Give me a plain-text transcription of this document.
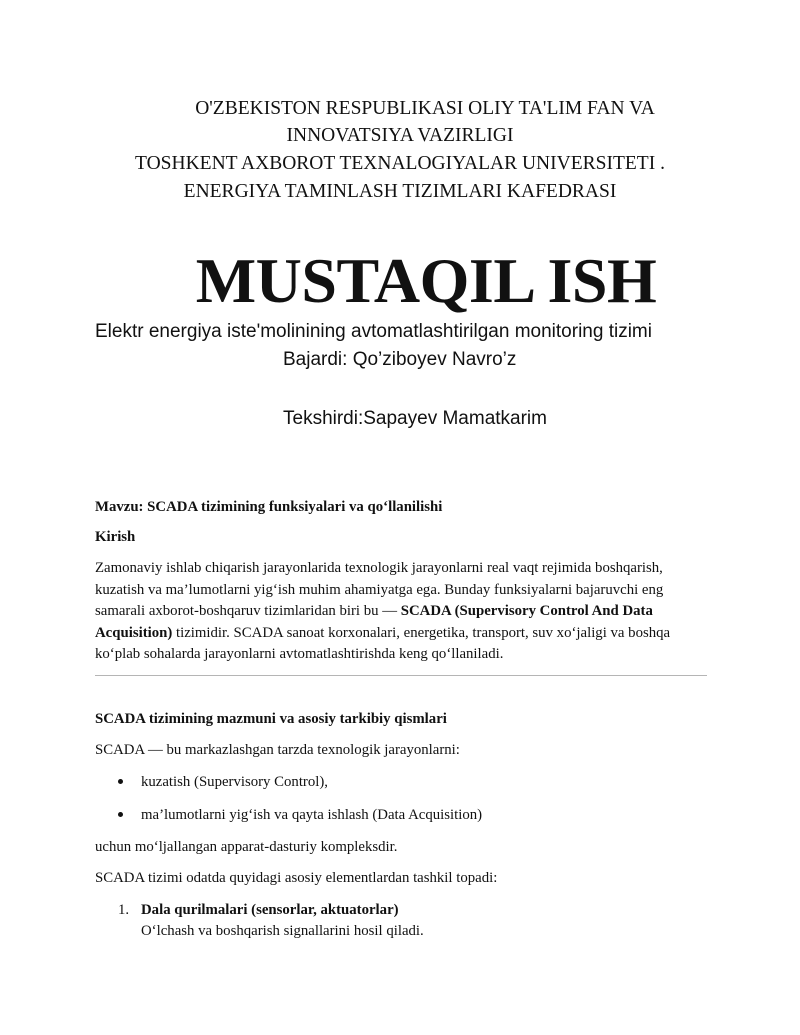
O'ZBEKISTON RESPUBLIKASI OLIY TA'LIM FAN VA
INNOVATSIYA VAZIRLIGI
TOSHKENT AXBOROT TEXNALOGIYALAR UNIVERSITETI .
ENERGIYA TAMINLASH TIZIMLARI KAFEDRASI
MUSTAQIL ISH
Elektr energiya iste'molinining avtomatlashtirilgan monitoring tizimi
Bajardi: Qo’ziboyev Navro’z
Tekshirdi:Sapayev Mamatkarim
Mavzu: SCADA tizimining funksiyalari va qo‘llanilishi
Kirish
Zamonaviy ishlab chiqarish jarayonlarida texnologik jarayonlarni real vaqt rejimida boshqarish,
kuzatish va ma’lumotlarni yig‘ish muhim ahamiyatga ega. Bunday funksiyalarni bajaruvchi eng
samarali axborot-boshqaruv tizimlaridan biri bu — SCADA (Supervisory Control And Data
Acquisition) tizimidir. SCADA sanoat korxonalari, energetika, transport, suv xo‘jaligi va boshqa
ko‘plab sohalarda jarayonlarni avtomatlashtirishda keng qo‘llaniladi.
SCADA tizimining mazmuni va asosiy tarkibiy qismlari
SCADA — bu markazlashgan tarzda texnologik jarayonlarni:
kuzatish (Supervisory Control),
ma’lumotlarni yig‘ish va qayta ishlash (Data Acquisition)
uchun mo‘ljallangan apparat-dasturiy kompleksdir.
SCADA tizimi odatda quyidagi asosiy elementlardan tashkil topadi:
1. Dala qurilmalari (sensorlar, aktuatorlar)
O‘lchash va boshqarish signallarini hosil qiladi.
